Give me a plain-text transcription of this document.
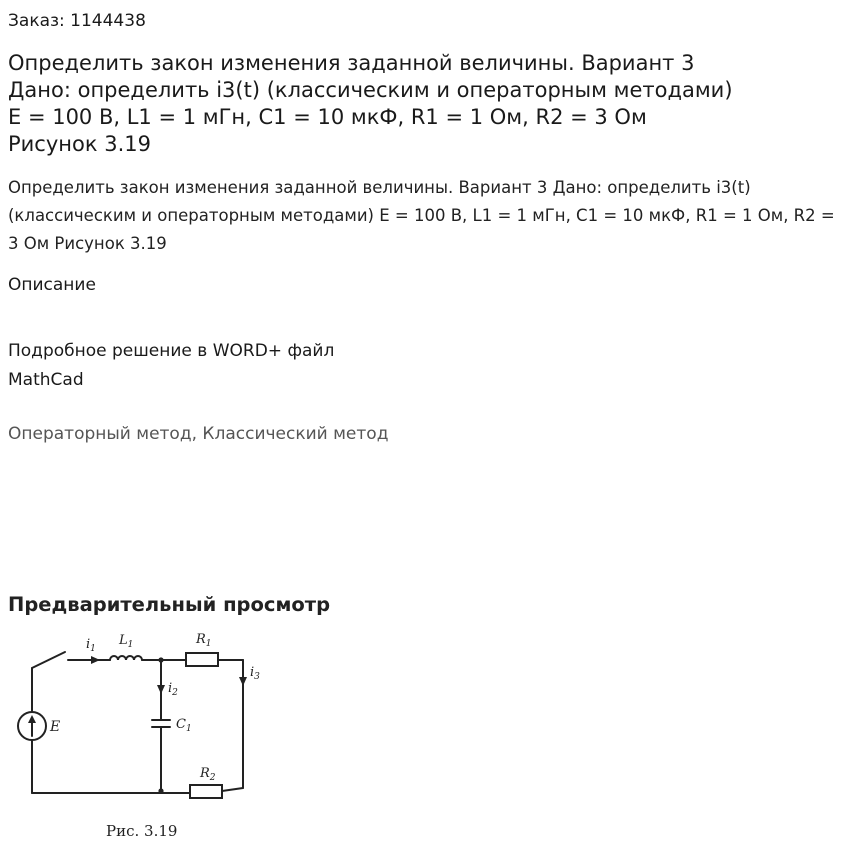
Заказ: 1144438
Определить закон изменения заданной величины. Вариант 3
Дано: определить i3(t) (классическим и операторным методами)
E = 100 В, L1 = 1 мГн, C1 = 10 мкФ, R1 = 1 Ом, R2 = 3 Ом
Рисунок 3.19
Определить закон изменения заданной величины. Вариант 3 Дано: определить i3(t) (классическим и операторным методами) E = 100 В, L1 = 1 мГн, C1 = 10 мкФ, R1 = 1 Ом, R2 = 3 Ом Рисунок 3.19
Описание
Подробное решение в WORD+ файл
MathCad
Операторный метод, Классический метод
Предварительный просмотр
$i_1$
$L_1$	$R_1$
$i_3$
$i_2$
$C_1$
E
$R_2$
Рис. 3.19
